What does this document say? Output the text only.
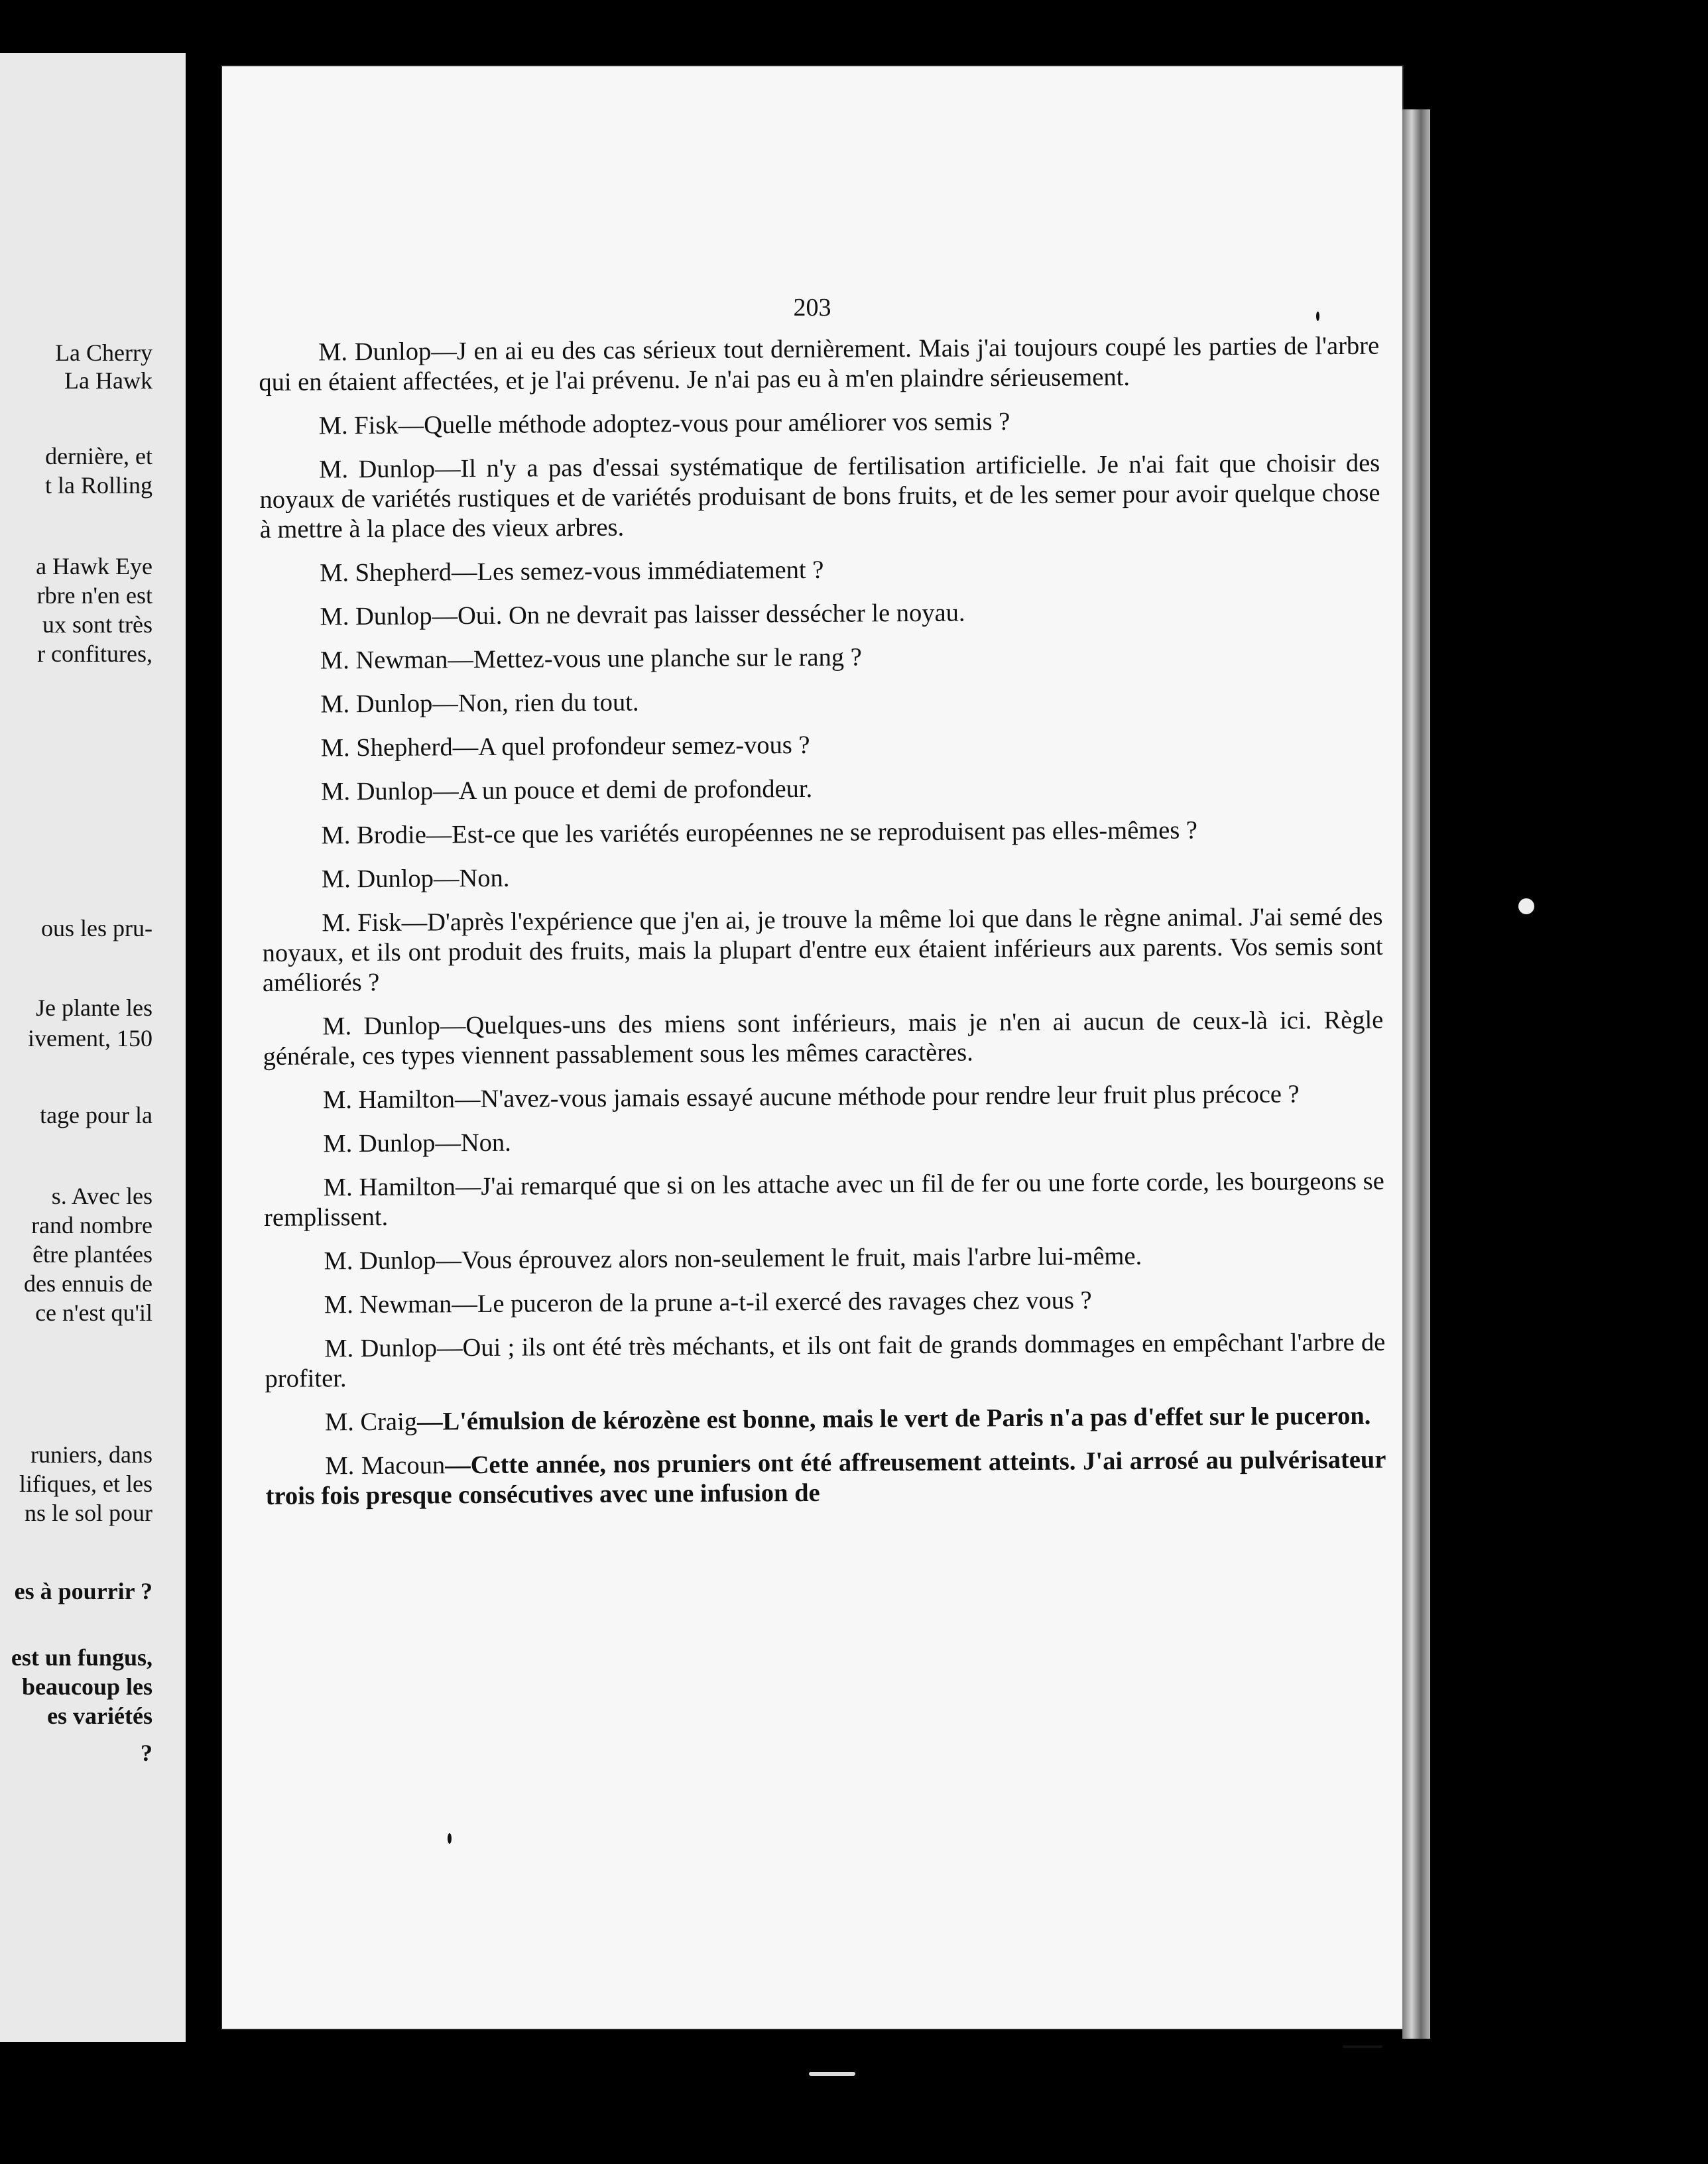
La Cherry
La Hawk
dernière, et
t la Rolling
a Hawk Eye
rbre n'en est
ux sont très
r confitures,
ous les pru-
Je plante les
ivement, 150
tage pour la
s. Avec les
rand nombre
être plantées
des ennuis de
ce n'est qu'il
runiers, dans
lifiques, et les
ns le sol pour
es à pourrir ?
est un fungus,
beaucoup les
es variétés
?
203

M. Dunlop—J en ai eu des cas sérieux tout dernièrement. Mais j'ai toujours coupé les parties de l'arbre qui en étaient affectées, et je l'ai prévenu. Je n'ai pas eu à m'en plaindre sérieusement.

M. Fisk—Quelle méthode adoptez-vous pour améliorer vos semis ?

M. Dunlop—Il n'y a pas d'essai systématique de fertilisation artificielle. Je n'ai fait que choisir des noyaux de variétés rustiques et de variétés produisant de bons fruits, et de les semer pour avoir quelque chose à mettre à la place des vieux arbres.

M. Shepherd—Les semez-vous immédiatement ?

M. Dunlop—Oui. On ne devrait pas laisser dessécher le noyau.

M. Newman—Mettez-vous une planche sur le rang ?

M. Dunlop—Non, rien du tout.

M. Shepherd—A quel profondeur semez-vous ?

M. Dunlop—A un pouce et demi de profondeur.

M. Brodie—Est-ce que les variétés européennes ne se reproduisent pas elles-mêmes ?

M. Dunlop—Non.

M. Fisk—D'après l'expérience que j'en ai, je trouve la même loi que dans le règne animal. J'ai semé des noyaux, et ils ont produit des fruits, mais la plupart d'entre eux étaient inférieurs aux parents. Vos semis sont améliorés ?

M. Dunlop—Quelques-uns des miens sont inférieurs, mais je n'en ai aucun de ceux-là ici. Règle générale, ces types viennent passablement sous les mêmes caractères.

M. Hamilton—N'avez-vous jamais essayé aucune méthode pour rendre leur fruit plus précoce ?

M. Dunlop—Non.

M. Hamilton—J'ai remarqué que si on les attache avec un fil de fer ou une forte corde, les bourgeons se remplissent.

M. Dunlop—Vous éprouvez alors non-seulement le fruit, mais l'arbre lui-même.

M. Newman—Le puceron de la prune a-t-il exercé des ravages chez vous ?

M. Dunlop—Oui ; ils ont été très méchants, et ils ont fait de grands dommages en empêchant l'arbre de profiter.

M. Craig—L'émulsion de kérozène est bonne, mais le vert de Paris n'a pas d'effet sur le puceron.

M. Macoun—Cette année, nos pruniers ont été affreusement atteints. J'ai arrosé au pulvérisateur trois fois presque consécutives avec une infusion de
